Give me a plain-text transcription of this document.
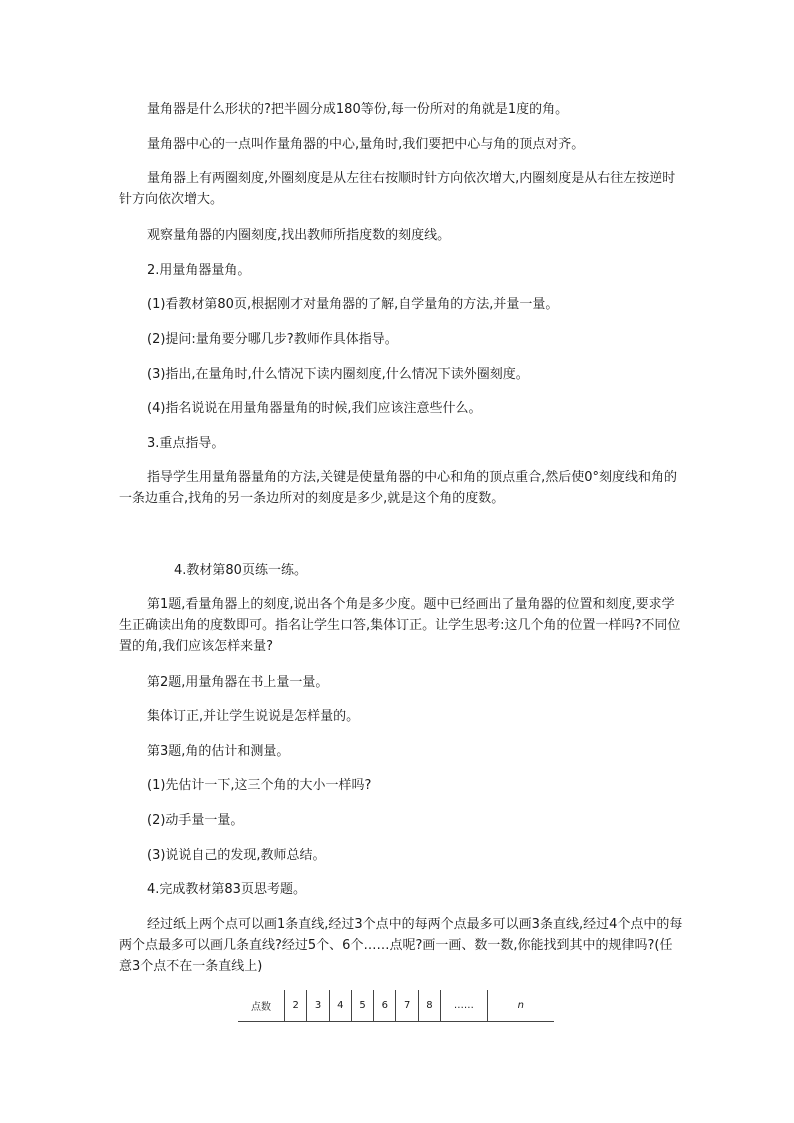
量角器是什么形状的?把半圆分成180等份,每一份所对的角就是1度的角。

量角器中心的一点叫作量角器的中心,量角时,我们要把中心与角的顶点对齐。

量角器上有两圈刻度,外圈刻度是从左往右按顺时针方向依次增大,内圈刻度是从右往左按逆时针方向依次增大。

观察量角器的内圈刻度,找出教师所指度数的刻度线。

2.用量角器量角。

(1)看教材第80页,根据刚才对量角器的了解,自学量角的方法,并量一量。

(2)提问:量角要分哪几步?教师作具体指导。

(3)指出,在量角时,什么情况下读内圈刻度,什么情况下读外圈刻度。

(4)指名说说在用量角器量角的时候,我们应该注意些什么。

3.重点指导。

指导学生用量角器量角的方法,关键是使量角器的中心和角的顶点重合,然后使0°刻度线和角的一条边重合,找角的另一条边所对的刻度是多少,就是这个角的度数。

4.教材第80页练一练。

第1题,看量角器上的刻度,说出各个角是多少度。题中已经画出了量角器的位置和刻度,要求学生正确读出角的度数即可。指名让学生口答,集体订正。让学生思考:这几个角的位置一样吗?不同位置的角,我们应该怎样来量?

第2题,用量角器在书上量一量。

集体订正,并让学生说说是怎样量的。

第3题,角的估计和测量。

(1)先估计一下,这三个角的大小一样吗?

(2)动手量一量。

(3)说说自己的发现,教师总结。

4.完成教材第83页思考题。

经过纸上两个点可以画1条直线,经过3个点中的每两个点最多可以画3条直线,经过4个点中的每两个点最多可以画几条直线?经过5个、6个……点呢?画一画、数一数,你能找到其中的规律吗?(任意3个点不在一条直线上)

点数	2	3	4	5	6	7	8	……	n
